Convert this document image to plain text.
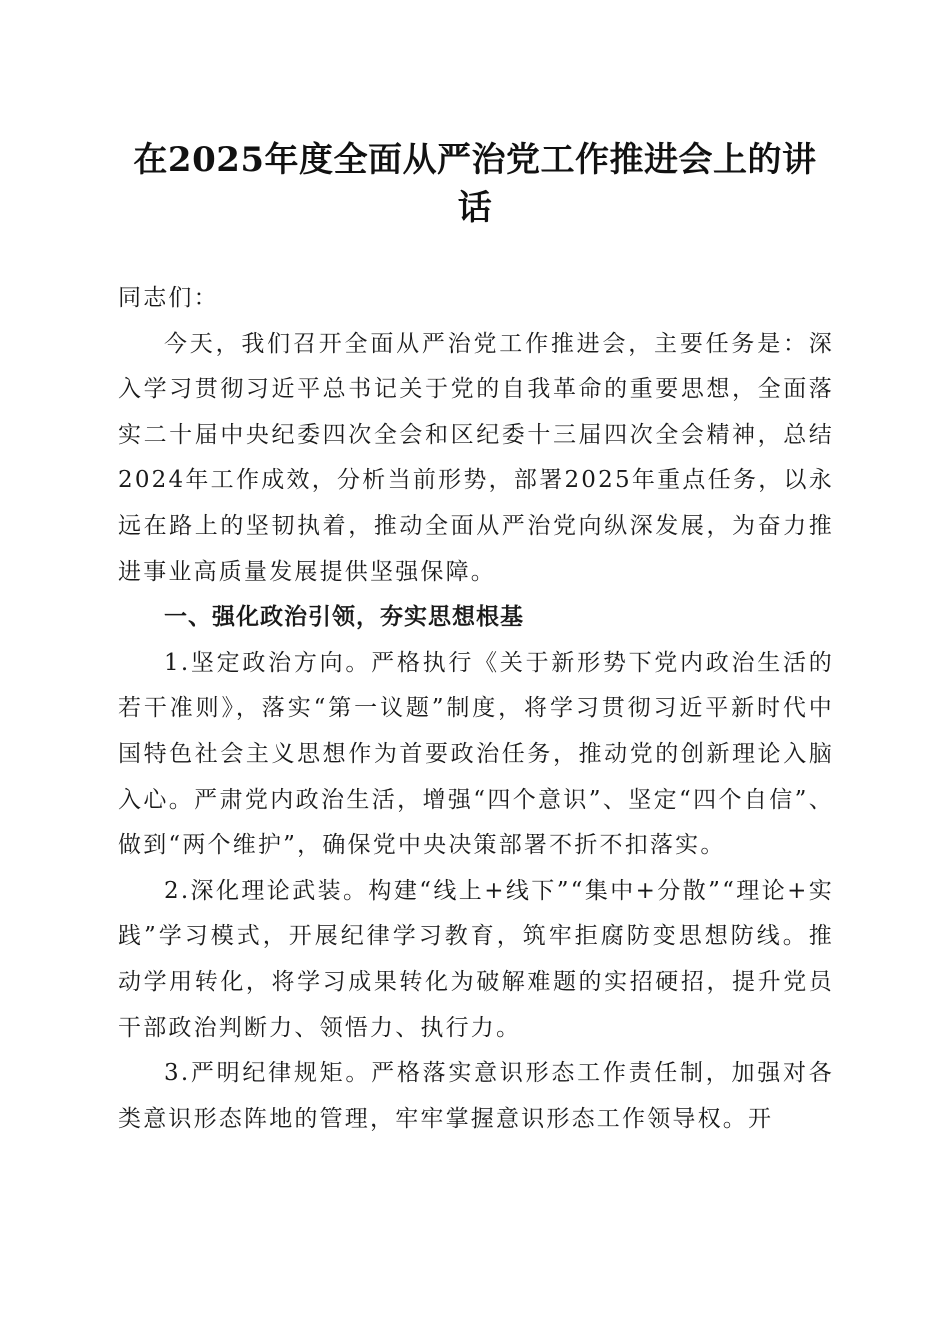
在2025年度全面从严治党工作推进会上的讲话

同志们：

今天，我们召开全面从严治党工作推进会，主要任务是：深入学习贯彻习近平总书记关于党的自我革命的重要思想，全面落实二十届中央纪委四次全会和区纪委十三届四次全会精神，总结2024年工作成效，分析当前形势，部署2025年重点任务，以永远在路上的坚韧执着，推动全面从严治党向纵深发展，为奋力推进事业高质量发展提供坚强保障。

一、强化政治引领，夯实思想根基

1.坚定政治方向。严格执行《关于新形势下党内政治生活的若干准则》，落实“第一议题”制度，将学习贯彻习近平新时代中国特色社会主义思想作为首要政治任务，推动党的创新理论入脑入心。严肃党内政治生活，增强“四个意识”、坚定“四个自信”、做到“两个维护”，确保党中央决策部署不折不扣落实。

2.深化理论武装。构建“线上+线下”“集中+分散”“理论+实践”学习模式，开展纪律学习教育，筑牢拒腐防变思想防线。推动学用转化，将学习成果转化为破解难题的实招硬招，提升党员干部政治判断力、领悟力、执行力。

3.严明纪律规矩。严格落实意识形态工作责任制，加强对各类意识形态阵地的管理，牢牢掌握意识形态工作领导权。开
